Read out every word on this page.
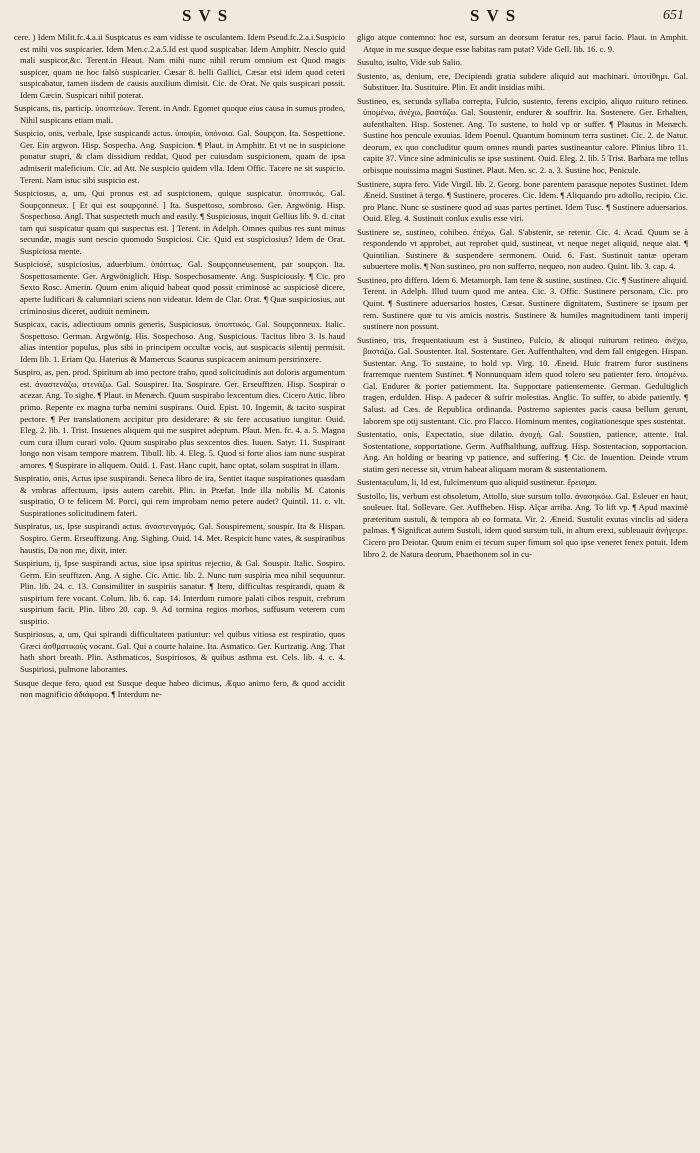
SVS	SVS	651

cere. ) Idem Milit.fc.4.a.ii Suspicatus es eam vidisse te osculantem. Idem Pseud.fc.2.a.i.Suspicio est mihi vos suspicarier. Idem Men.c.2.a.5.Id est quod suspicabar. Idem Amphitr. Nescio quid mali suspicor,&c. Terent.in Heaut. Nam mihi nunc nihil rerum omnium est Quod magis suspicer, quam ne hoc falsò suspicarier. Cæsar 8. belli Gallici, Cæsar etsi idem quod ceteri suspicabatur, tamen iisdem de causis auxilium dimisit. Cic. de Orat. Ne quis suspicari possit. Idem Cæcin. Suspicari nihil poterat.

Suspicans, tis, particip. ὑποπτεύων. Terent. in Andr. Egomet quoque eius causa in sumus prodeo, Nihil suspicans etiam mali.

Suspicio, onis, verbale, Ipse suspicandi actus. ὑποψία, ὑπόνοια. Gal. Soupçon. Ita. Sospettione. Ger. Ein argwon. Hisp. Sospecha. Ang. Suspicion. ¶ Plaut. in Amphitr. Et vt ne in suspicione ponatur stupri, & clam dissidium reddat, Quod per cuiusdam suspicionem, quam de ipsa admiserit maleficium. Cic. ad Att. Ne suspicio quidem vlla. Idem Offic. Tacere ne sit suspicio. Terent. Nam istuc sibi suspicio est.

Suspiciosus, a, um, Qui pronus est ad suspicionem, quique suspicatur. ὑποπτικός. Gal. Soupçonneux. [ Et qui est soupçonné. ] Ita. Suspettoso, sombroso. Ger. Argwönig. Hisp. Sospechoso. Angl. That suspecteth much and easily. ¶ Suspiciosus, inquit Gellius lib. 9. d. citat tam qui suspicatur quam qui suspectus est. ] Terent. in Adelph. Omnes quibus res sunt minus secundæ, magis sunt nescio quomodo Suspiciosi. Cic. Quid est suspiciosius? Idem de Orat. Suspiciosa mente.

Suspiciosè, suspiciosius, aduerbium. ὑπόπτως. Gal. Soupçonneusement, par soupçon. Ita. Sospettosamente. Ger. Argwöniglich. Hisp. Sospechosamente. Ang. Suspiciously. ¶ Cic. pro Sexto Rosc. Amerin. Quum enim aliquid habeat quod possit criminosè ac suspiciosè dicere, aperte ludificari & calumniari sciens non videatur. Idem de Clar. Orat. ¶ Quæ suspiciosius, aut criminosius diceret, audiuit neminem.

Suspicax, cacis, adiectiuum omnis generis, Suspiciosus. ὑποπτικός. Gal. Soupçonneux. Italic. Sospettoso. German. Argwönig. His. Sospechoso. Ang. Suspicious. Tacitus libro 3. Is haud alias intentior populus, plus sibi in principem occultæ vocis, aut suspicacis silentij permisit. Idem lib. 1. Eriam Qu. Haterius & Mamercus Scaurus suspicacem animum perstrinxere.

Suspiro, as, pen. prod. Spiritum ab imo pectore traho, quod solicitudinis aut doloris argumentum est. ἀναστενάζω, στενάζω. Gal. Souspirer. Ita. Sospirare. Ger. Erseufftzen. Hisp. Sospirar o acezar. Ang. To sighe. ¶ Plaut. in Menæch. Quum suspirabo lexcentum dies. Cicero Attic. libro primo. Repente ex magna turba nemini suspirans. Ouid. Epist. 10. Ingemit, & tacito suspirat pectore. ¶ Per translationem accipitur pro desiderare: & sic fere accusatiuo iungitur. Ouid. Eleg. 2. lib. 1. Trist. Insuenes aliquem qui me suspiret adeptum. Plaut. Men. fc. 4. a. 5. Magna cum cura illum curari volo. Quum suspirabo plus sexcentos dies. Iuuen. Satyr. 11. Suspirant longo non visam tempore matrem. Tibull. lib. 4. Eleg. 5. Quod si forte alios iam nunc suspirat amores. ¶ Suspirare in aliquem. Ouid. 1. Fast. Hanc cupit, hanc optat, solam suspirat in illam.

Suspiratio, onis, Actus ipse suspirandi. Seneca libro de ira, Sentiet itaque suspirationes quasdam & vmbras affectuum, ipsis autem carebit. Plin. in Præfat. Inde illa nobilis M. Catonis suspiratio, O te felicem M. Porci, qui rem improbam nemo petere audet? Quintil. 11. c. vlt. Suspirationes solicitudinem fateri.

Suspiratus, us, Ipse suspirandi actus. ἀναστεναγμός. Gal. Souspirement, souspir. Ita & Hispan. Sospiro. Germ. Erseufftzung. Ang. Sighing. Ouid. 14. Met. Respicit hunc vates, & suspiratibus haustis, Da non me, dixit, inter.

Suspirium, ij, Ipse suspirandi actus, siue ipsa spiritus rejectio, & Gal. Souspir. Italic. Sospiro. Germ. Ein seufftzen. Ang. A sighe. Cic. Attic. lib. 2. Nunc tum suspiria mea nihil sequuntur. Plin. lib. 24. c. 13. Consimiliter in suspiriis sanatur. ¶ Item, difficultas respirandi, quam & suspirium fere vocant. Colum. lib. 6. cap. 14. Interdum rumore palati cibos respuit, crebrum suspirium facit. Plin. libro 20. cap. 9. Ad tormina regios morbos, suffusum veterem cum suspirio.

Suspiriosus, a, um, Qui spirandi difficultatem patiuntur: vel quibus vitiosa est respiratio, quos Græci ἀσθματικούς vocant. Gal. Qui a courte halaine. Ita. Asmatico. Ger. Kurtzatig. Ang. That hath short breath. Plin. Asthmaticos, Suspiriosos, & quibus asthma est. Cels. lib. 4. c. 4. Suspiriosi, pulmone laborantes.

Susque deque fero, quod est Susque deque habeo dicimus, Æquo animo fero, & quod accidit non magnificio ἀδιάφορα. ¶ Interdum ne-

gligo atque contemno: hoc est, sursum an deorsum feratur res, parui facio. Plaut. in Amphit. Atque in me susque deque esse habitas ram putat? Vide Gell. lib. 16. c. 9.

Susulto, isulto, Vide sub Salio.

Sustento, as, denium, ere, Decipiendi gratia subdere aliquid aut machinari. ὑποτίθημι. Gal. Substituer. Ita. Sustituire. Plin. Et andit insidias mihi.

Sustineo, es, secunda syllaba correpta, Fulcio, sustento, ferens excipio, aliquo ruituro retineo. ὑπομένω, ἀνέχω, βαστάζω. Gal. Soustenir, endurer & souffrir. Ita. Sostenere. Ger. Erhalten, aufenthalten. Hisp. Sostener. Ang. To sustene, to hold vp or suffer. ¶ Plautus in Menæch. Sustine hos pencule exuuias. Idem Poenul. Quantum hominum terra sustinet. Cic. 2. de Natur. deorum, ex quo concluditur quum omnes mundi partes sustineantur calore. Plinius libro 11. capite 37. Vince sine adminiculis se ipse sustinent. Ouid. Eleg. 2. lib. 5 Trist. Barbara me tellus orbisque nouissima magni Sustinet. Plaut. Men. sc. 2. a. 3. Sustine hoc, Penicule.

Sustinere, supra fero. Vide Virgil. lib. 2. Georg. bone parentem parasque nepotes Sustinet. Idem Æneid. Sustinet à tergo. ¶ Sustinere, proceres. Cic. Idem. ¶ Aliquando pro adtollo, recipio. Cic. pro Planc. Nunc se sustinere quod ad suas partes pertinet. Idem Tusc. ¶ Sustinere aduersarios. Ouid. Eleg. 4. Sustinuit conlux exulis esse viri.

Sustinere se, sustineo, cohibeo. ἐπέχω. Gal. S'abstenir, se retenir. Cic. 4. Acad. Quum se à respondendo vt approbet, aut reprobet quid, sustineat, vt neque neget aliquid, neque aiat. ¶ Quintilian. Sustinere & suspendere sermonem. Ouid. 6. Fast. Sustinuit tantæ operam subuertere molis. ¶ Non sustineo, pro non sufferro, nequeo, non audeo. Quint. lib. 3. cap. 4.

Sustineo, pro differo. Idem 6. Metamorph. Iam tene & sustine, sustineo. Cic. ¶ Sustinere aliquid. Terent. in Adelph. Illud tuum quod me antea. Cic. 3. Offic. Sustinere personam, Cic. pro Quint. ¶ Sustinere aduersarios hostes, Cæsar. Sustinere dignitatem, Sustinere se ipsum per rem. Sustinere quæ tu vis amicis nostris. Sustinere & humiles magnitudinem tanti imperij sustinere non possunt.

Sustineo, tris, frequentatiuum est à Sustineo, Fulcio, & alioqui ruiturum retineo. ἀνέχω, βαστάζω. Gal. Soustenter. Ital. Sostentare. Ger. Auffenthalten, vnd dem fall entgegen. Hispan. Sustentar. Ang. To sustaine, to hold vp. Virg. 10. Æneid. Huic fratrem furor sustinens frarremque ruentem Sustinet. ¶ Nonnunquam idem quod tolero seu patienter fero. ὑπομένω. Gal. Endurer & porter patiemment. Ita. Supportare patientemente. German. Gedultiglich tragen, erdulden. Hisp. A padecer & sufrir molestias. Anglic. To suffer, to abide patiently. ¶ Salust. ad Cæs. de Republica ordinanda. Postremo sapientes pacis causa bellum gerunt, laborem spe otij sustentant. Cic. pro Flacco. Hominum mentes, cogitationesque spes sustentat.

Sustentatio, onis, Expectatio, siue dilatio. ἀνοχή. Gal. Soustien, patience, attente. Ital. Sostentatione, sopportatione. Germ. Auffhalthung, auffzug. Hisp. Sostentacion, sopportacion. Ang. An holding or bearing vp patience, and suffering. ¶ Cic. de Inuention. Deinde vtrum statim geri necesse sit, vtrum habeat aliquam moram & sustentationem.

Sustentaculum, li, Id est, fulcimentum quo aliquid sustinetur. ἔρεισμα.

Sustollo, lis, verbum est obsoletum, Attollo, siue sursum tollo. ἀνασηκόω. Gal. Esleuer en haut, souleuer. Ital. Sollevare. Ger. Auffheben. Hisp. Alçar arriba. Ang. To lift vp. ¶ Apud maximè præteritum sustuli, & tempora ab eo formata. Vir. 2. Æneid. Sustulit exutas vinclis ad sidera palmas. ¶ Significat autem Sustuli, idem quod sursum tuli, in altum erexi, subleuauit ἀνήγειρε. Cicero pro Deiotar. Quum enim ei tecum super fimum sol quo ipse veneret fenex potuit. Idem libro 2. de Natura deorum, Phaethonem sol in cu-
